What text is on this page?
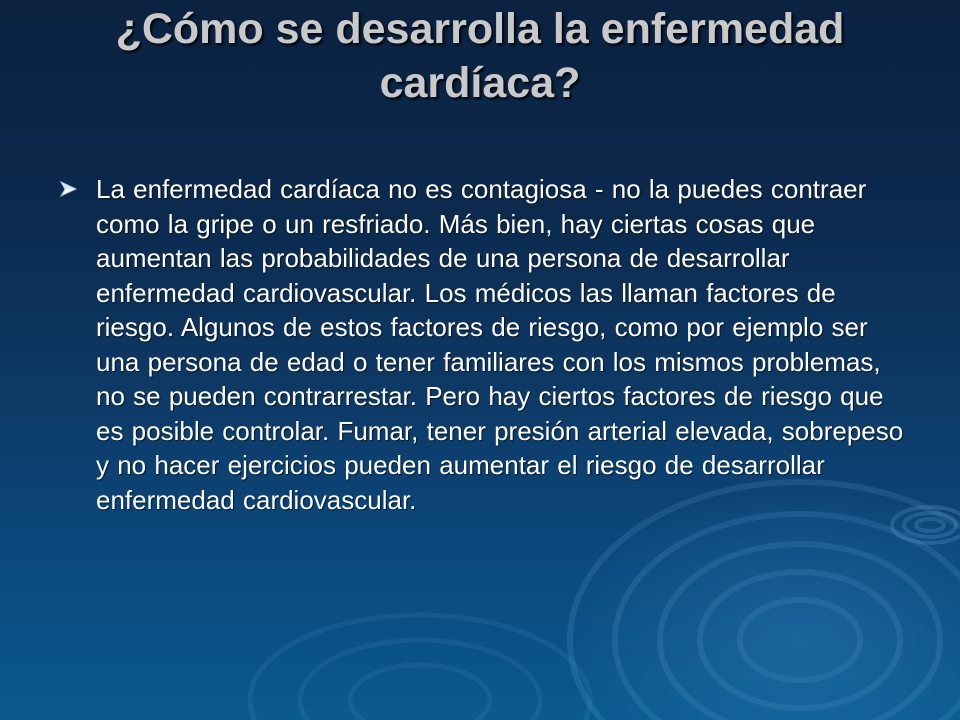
¿Cómo se desarrolla la enfermedad cardíaca?

La enfermedad cardíaca no es contagiosa - no la puedes contraer como la gripe o un resfriado. Más bien, hay ciertas cosas que aumentan las probabilidades de una persona de desarrollar enfermedad cardiovascular. Los médicos las llaman factores de riesgo. Algunos de estos factores de riesgo, como por ejemplo ser una persona de edad o tener familiares con los mismos problemas, no se pueden contrarrestar. Pero hay ciertos factores de riesgo que es posible controlar. Fumar, tener presión arterial elevada, sobrepeso y no hacer ejercicios pueden aumentar el riesgo de desarrollar enfermedad cardiovascular.
